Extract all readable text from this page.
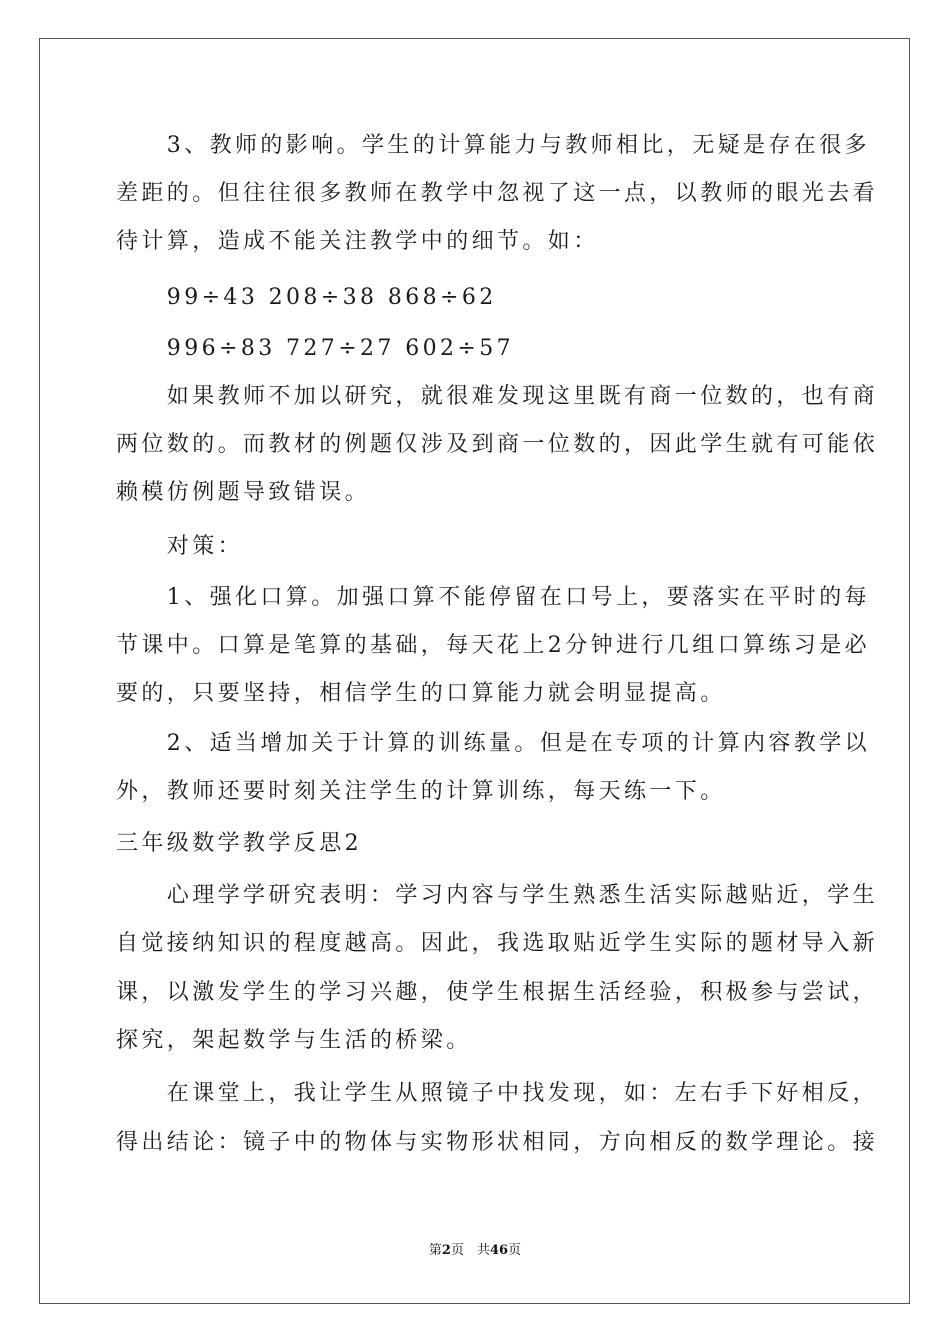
　　3、教师的影响。学生的计算能力与教师相比，无疑是存在很多
差距的。但往往很多教师在教学中忽视了这一点，以教师的眼光去看
待计算，造成不能关注教学中的细节。如：
　　99÷43 208÷38 868÷62
　　996÷83 727÷27 602÷57
　　如果教师不加以研究，就很难发现这里既有商一位数的，也有商
两位数的。而教材的例题仅涉及到商一位数的，因此学生就有可能依
赖模仿例题导致错误。
　　对策：
　　1、强化口算。加强口算不能停留在口号上，要落实在平时的每
节课中。口算是笔算的基础，每天花上2分钟进行几组口算练习是必
要的，只要坚持，相信学生的口算能力就会明显提高。
　　2、适当增加关于计算的训练量。但是在专项的计算内容教学以
外，教师还要时刻关注学生的计算训练，每天练一下。
三年级数学教学反思2
　　心理学学研究表明：学习内容与学生熟悉生活实际越贴近，学生
自觉接纳知识的程度越高。因此，我选取贴近学生实际的题材导入新
课，以激发学生的学习兴趣，使学生根据生活经验，积极参与尝试，
探究，架起数学与生活的桥梁。
　　在课堂上，我让学生从照镜子中找发现，如：左右手下好相反，
得出结论：镜子中的物体与实物形状相同，方向相反的数学理论。接
第2页　共46页
